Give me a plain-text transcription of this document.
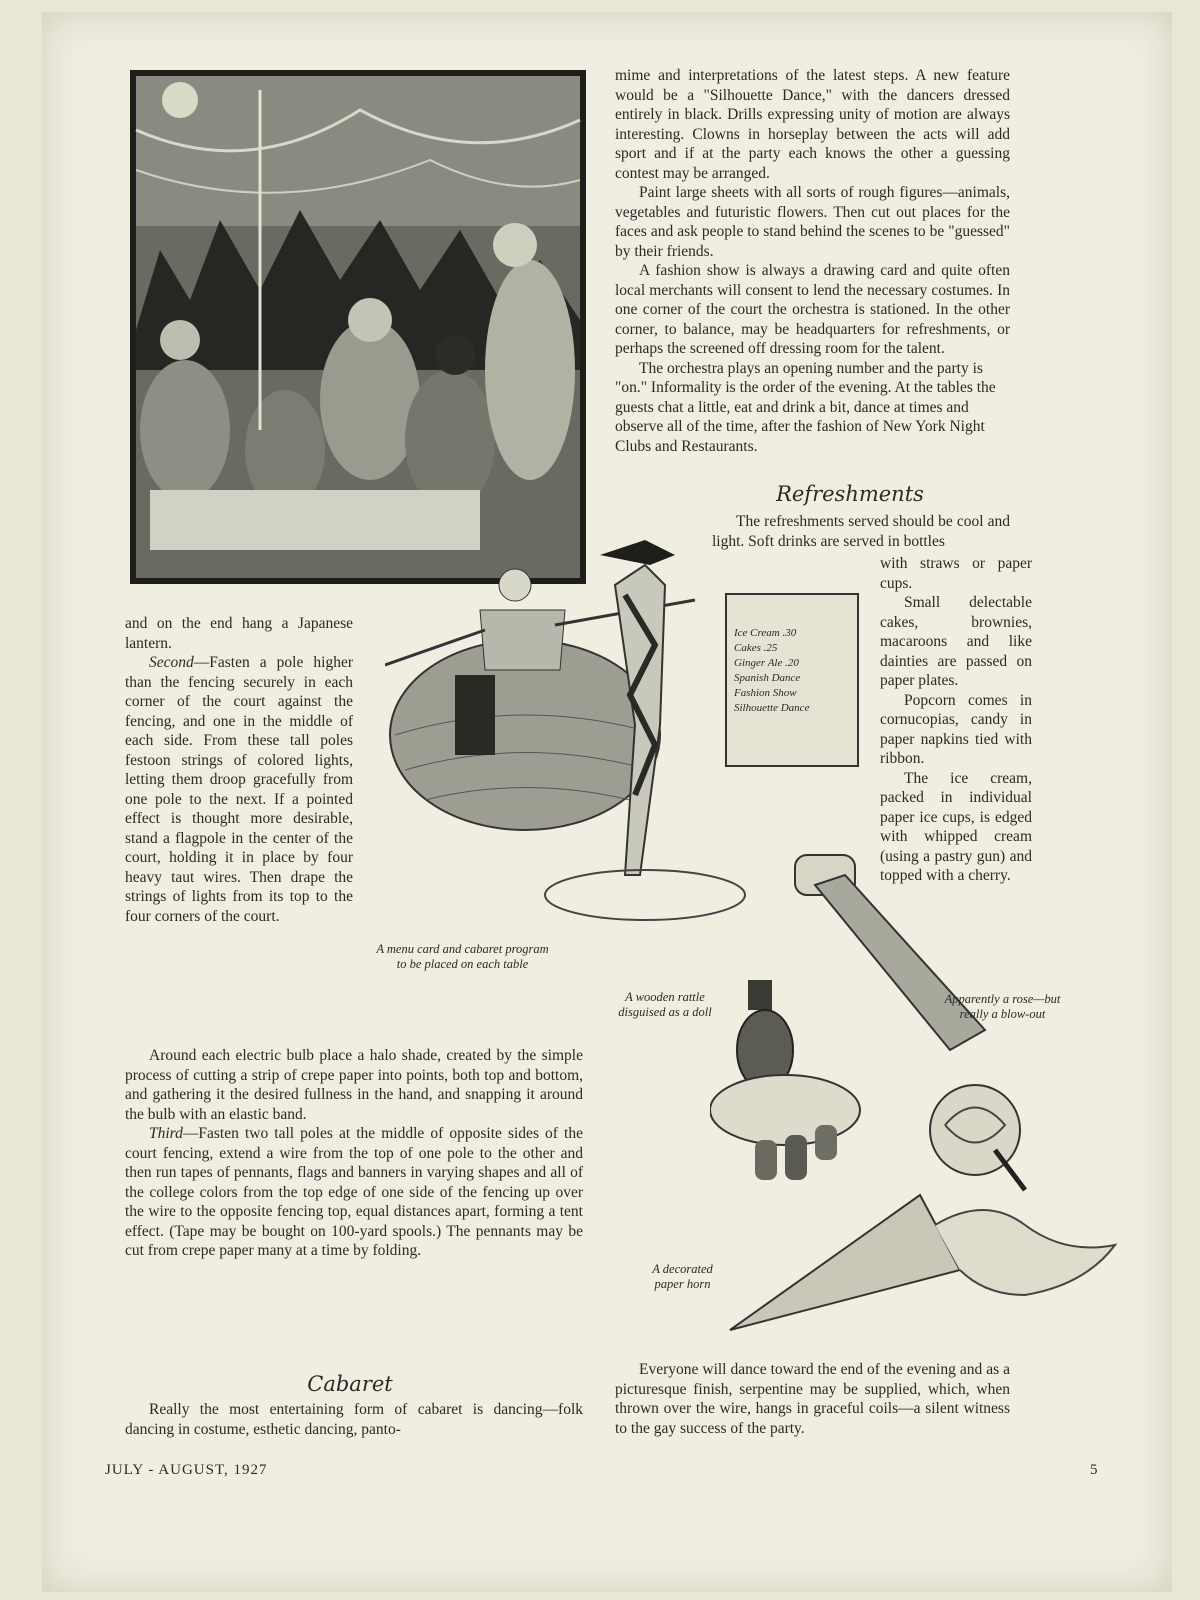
Ice Cream .30
Cakes .25
Ginger Ale .20
Spanish Dance
Fashion Show
Silhouette Dance

mime and interpretations of the latest steps. A new feature would be a "Silhouette Dance," with the dancers dressed entirely in black. Drills expressing unity of motion are always interesting. Clowns in horseplay between the acts will add sport and if at the party each knows the other a guessing contest may be arranged.

Paint large sheets with all sorts of rough figures—animals, vegetables and futuristic flowers. Then cut out places for the faces and ask people to stand behind the scenes to be "guessed" by their friends.

A fashion show is always a drawing card and quite often local merchants will consent to lend the necessary costumes. In one corner of the court the orchestra is stationed. In the other corner, to balance, may be headquarters for refreshments, or perhaps the screened off dressing room for the talent.

The orchestra plays an opening number and the party is "on." Informality is the order of the evening. At the tables the guests chat a little, eat and drink a bit, dance at times and observe all of the time, after the fashion of New York Night Clubs and Restaurants.

Refreshments

The refreshments served should be cool and light. Soft drinks are served in bottles

with straws or paper cups.

Small delectable cakes, brownies, macaroons and like dainties are passed on paper plates.

Popcorn comes in cornucopias, candy in paper napkins tied with ribbon.

The ice cream, packed in individual paper ice cups, is edged with whipped cream (using a pastry gun) and topped with a cherry.

and on the end hang a Japanese lantern.

Second—Fasten a pole higher than the fencing securely in each corner of the court against the fencing, and one in the middle of each side. From these tall poles festoon strings of colored lights, letting them droop gracefully from one pole to the next. If a pointed effect is thought more desirable, stand a flagpole in the center of the court, holding it in place by four heavy taut wires. Then drape the strings of lights from its top to the four corners of the court.

A menu card and cabaret program to be placed on each table
A wooden rattle disguised as a doll
Apparently a rose—but really a blow-out
A decorated paper horn

Around each electric bulb place a halo shade, created by the simple process of cutting a strip of crepe paper into points, both top and bottom, and gathering it the desired fullness in the hand, and snapping it around the bulb with an elastic band.

Third—Fasten two tall poles at the middle of opposite sides of the court fencing, extend a wire from the top of one pole to the other and then run tapes of pennants, flags and banners in varying shapes and all of the college colors from the top edge of one side of the fencing up over the wire to the opposite fencing top, equal distances apart, forming a tent effect. (Tape may be bought on 100-yard spools.) The pennants may be cut from crepe paper many at a time by folding.

Cabaret

Really the most entertaining form of cabaret is dancing—folk dancing in costume, esthetic dancing, panto-

Everyone will dance toward the end of the evening and as a picturesque finish, serpentine may be supplied, which, when thrown over the wire, hangs in graceful coils—a silent witness to the gay success of the party.

JULY - AUGUST, 1927	5
